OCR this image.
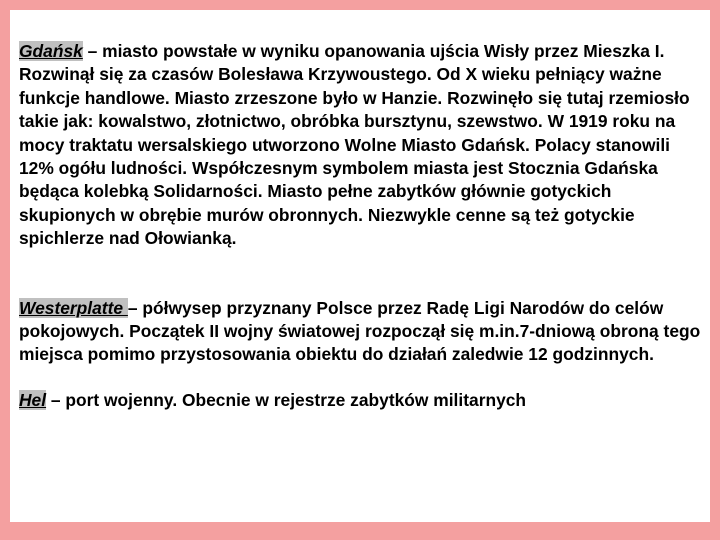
Gdańsk – miasto powstałe w wyniku opanowania ujścia Wisły przez Mieszka I. Rozwinął się za czasów Bolesława Krzywoustego. Od X wieku pełniący ważne funkcje handlowe. Miasto zrzeszone było w Hanzie. Rozwinęło się tutaj rzemiosło takie jak: kowalstwo, złotnictwo, obróbka bursztynu, szewstwo. W 1919 roku na mocy traktatu wersalskiego utworzono Wolne Miasto Gdańsk. Polacy stanowili 12% ogółu ludności. Współczesnym symbolem miasta jest Stocznia Gdańska będąca kolebką Solidarności. Miasto pełne zabytków głównie gotyckich skupionych w obrębie murów obronnych. Niezwykle cenne są też gotyckie spichlerze nad Ołowianką.

Westerplatte – półwysep przyznany Polsce przez Radę Ligi Narodów do celów pokojowych. Początek II wojny światowej rozpoczął się m.in.7-dniową obroną tego miejsca pomimo przystosowania obiektu do działań zaledwie 12 godzinnych.

Hel – port wojenny. Obecnie w rejestrze zabytków militarnych
